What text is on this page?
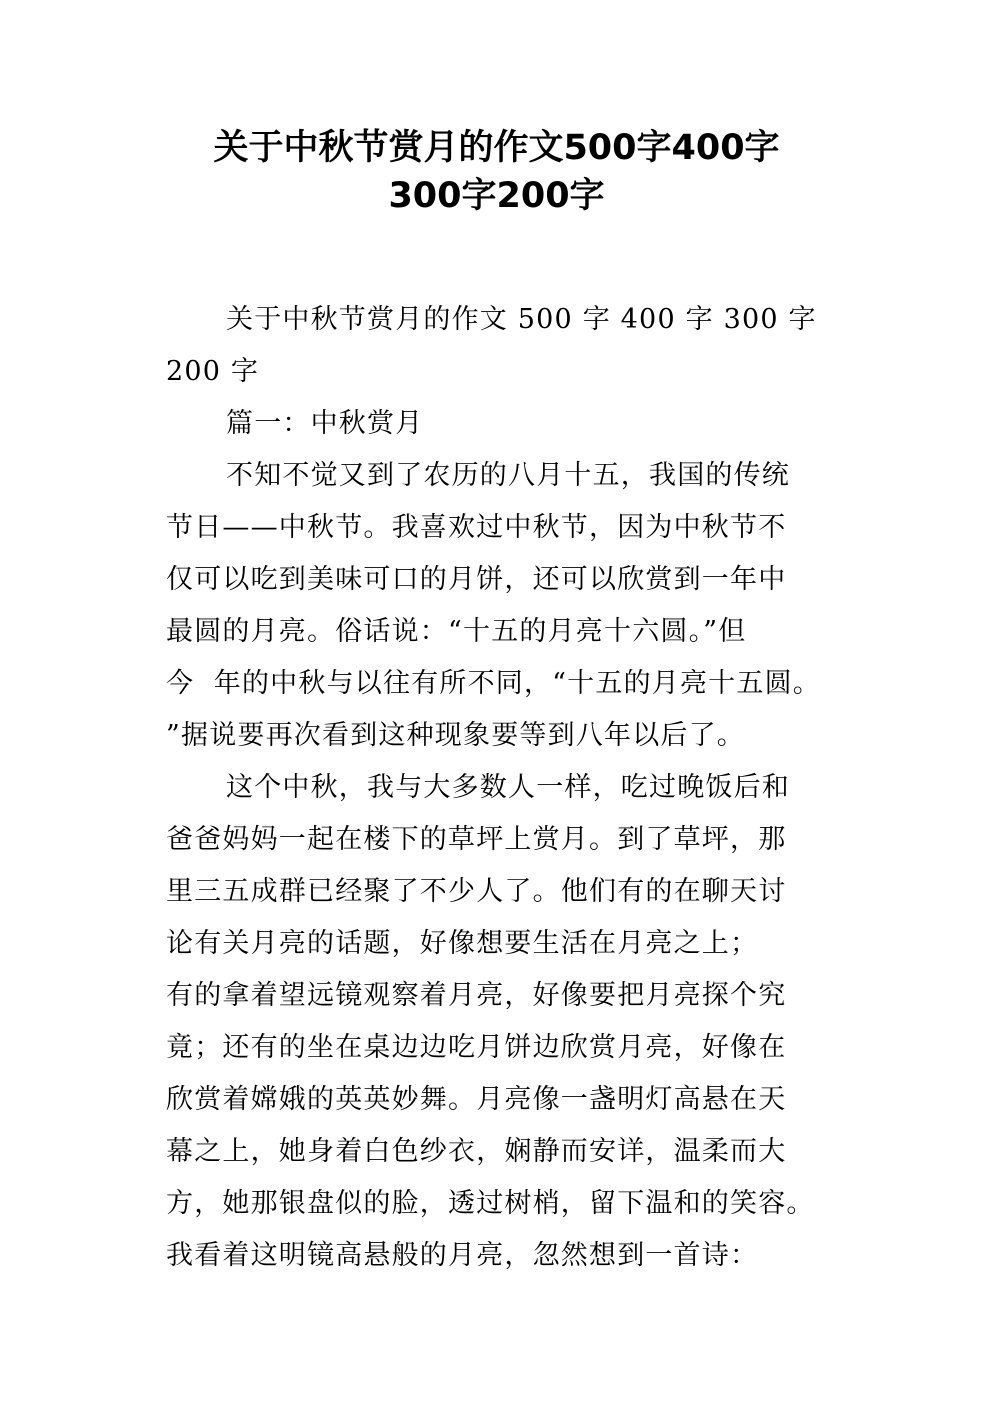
关于中秋节赏月的作文500字400字
300字200字
关于中秋节赏月的作文 500 字 400 字 300 字
200 字
篇一：中秋赏月
不知不觉又到了农历的八月十五，我国的传统
节日——中秋节。我喜欢过中秋节，因为中秋节不
仅可以吃到美味可口的月饼，还可以欣赏到一年中
最圆的月亮。俗话说：“十五的月亮十六圆。”但
今  年的中秋与以往有所不同，“十五的月亮十五圆。
”据说要再次看到这种现象要等到八年以后了。
这个中秋，我与大多数人一样，吃过晚饭后和
爸爸妈妈一起在楼下的草坪上赏月。到了草坪，那
里三五成群已经聚了不少人了。他们有的在聊天讨
论有关月亮的话题，好像想要生活在月亮之上；
有的拿着望远镜观察着月亮，好像要把月亮探个究
竟；还有的坐在桌边边吃月饼边欣赏月亮，好像在
欣赏着嫦娥的英英妙舞。月亮像一盏明灯高悬在天
幕之上，她身着白色纱衣，娴静而安详，温柔而大
方，她那银盘似的脸，透过树梢，留下温和的笑容。
我看着这明镜高悬般的月亮，忽然想到一首诗：
